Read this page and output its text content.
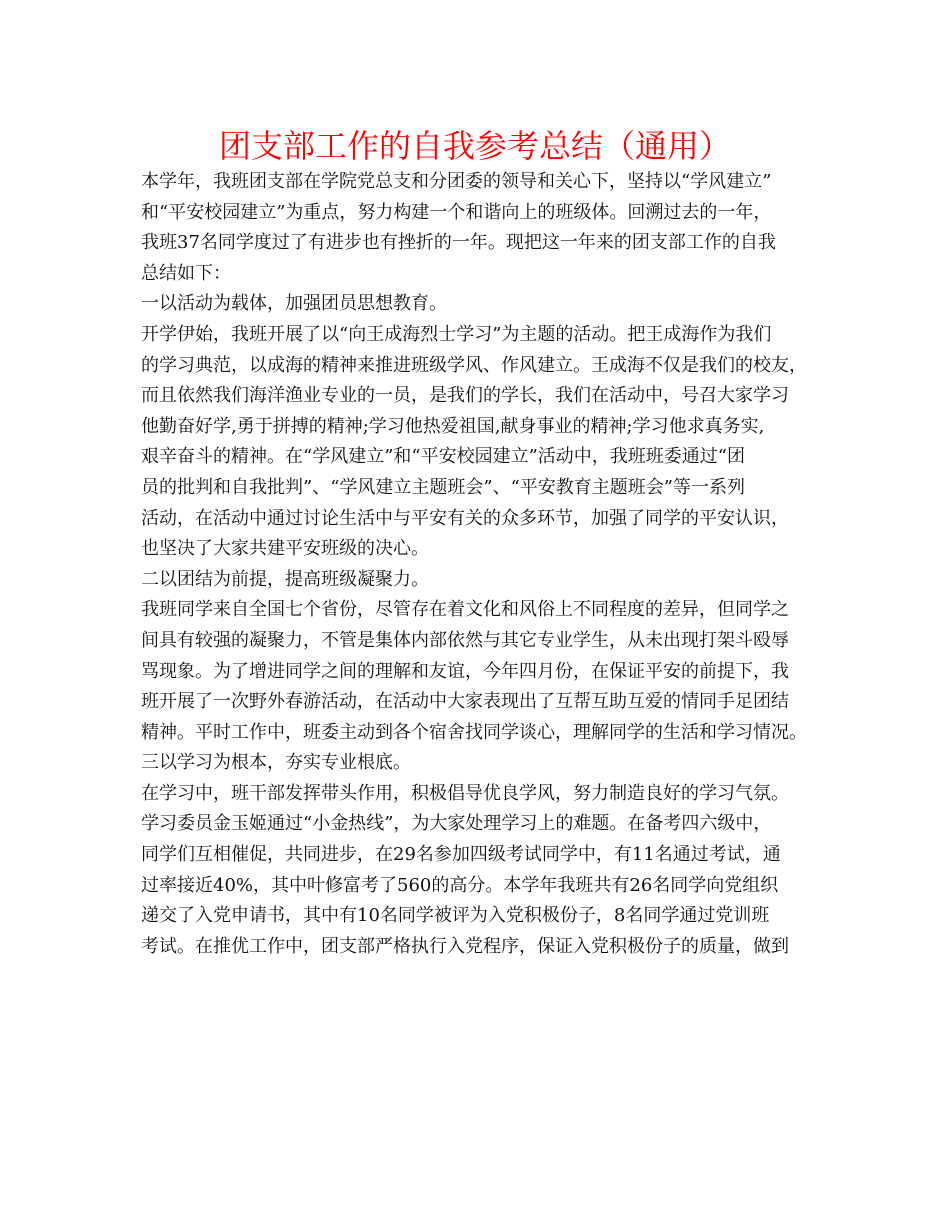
团支部工作的自我参考总结（通用）
本学年，我班团支部在学院党总支和分团委的领导和关心下，坚持以“学风建立”
和“平安校园建立”为重点，努力构建一个和谐向上的班级体。回溯过去的一年，
我班37名同学度过了有进步也有挫折的一年。现把这一年来的团支部工作的自我
总结如下：
一以活动为载体，加强团员思想教育。
开学伊始，我班开展了以“向王成海烈士学习”为主题的活动。把王成海作为我们
的学习典范，以成海的精神来推进班级学风、作风建立。王成海不仅是我们的校友，
而且依然我们海洋渔业专业的一员，是我们的学长，我们在活动中，号召大家学习
他勤奋好学,勇于拼搏的精神;学习他热爱祖国,献身事业的精神;学习他求真务实,
艰辛奋斗的精神。在“学风建立”和“平安校园建立”活动中，我班班委通过“团
员的批判和自我批判”、“学风建立主题班会”、“平安教育主题班会”等一系列
活动，在活动中通过讨论生活中与平安有关的众多环节，加强了同学的平安认识，
也坚决了大家共建平安班级的决心。
二以团结为前提，提高班级凝聚力。
我班同学来自全国七个省份，尽管存在着文化和风俗上不同程度的差异，但同学之
间具有较强的凝聚力，不管是集体内部依然与其它专业学生，从未出现打架斗殴辱
骂现象。为了增进同学之间的理解和友谊，今年四月份，在保证平安的前提下，我
班开展了一次野外春游活动，在活动中大家表现出了互帮互助互爱的情同手足团结
精神。平时工作中，班委主动到各个宿舍找同学谈心，理解同学的生活和学习情况。
三以学习为根本，夯实专业根底。
在学习中，班干部发挥带头作用，积极倡导优良学风，努力制造良好的学习气氛。
学习委员金玉姬通过“小金热线”，为大家处理学习上的难题。在备考四六级中，
同学们互相催促，共同进步，在29名参加四级考试同学中，有11名通过考试，通
过率接近40%，其中叶修富考了560的高分。本学年我班共有26名同学向党组织
递交了入党申请书，其中有10名同学被评为入党积极份子，8名同学通过党训班
考试。在推优工作中，团支部严格执行入党程序，保证入党积极份子的质量，做到
